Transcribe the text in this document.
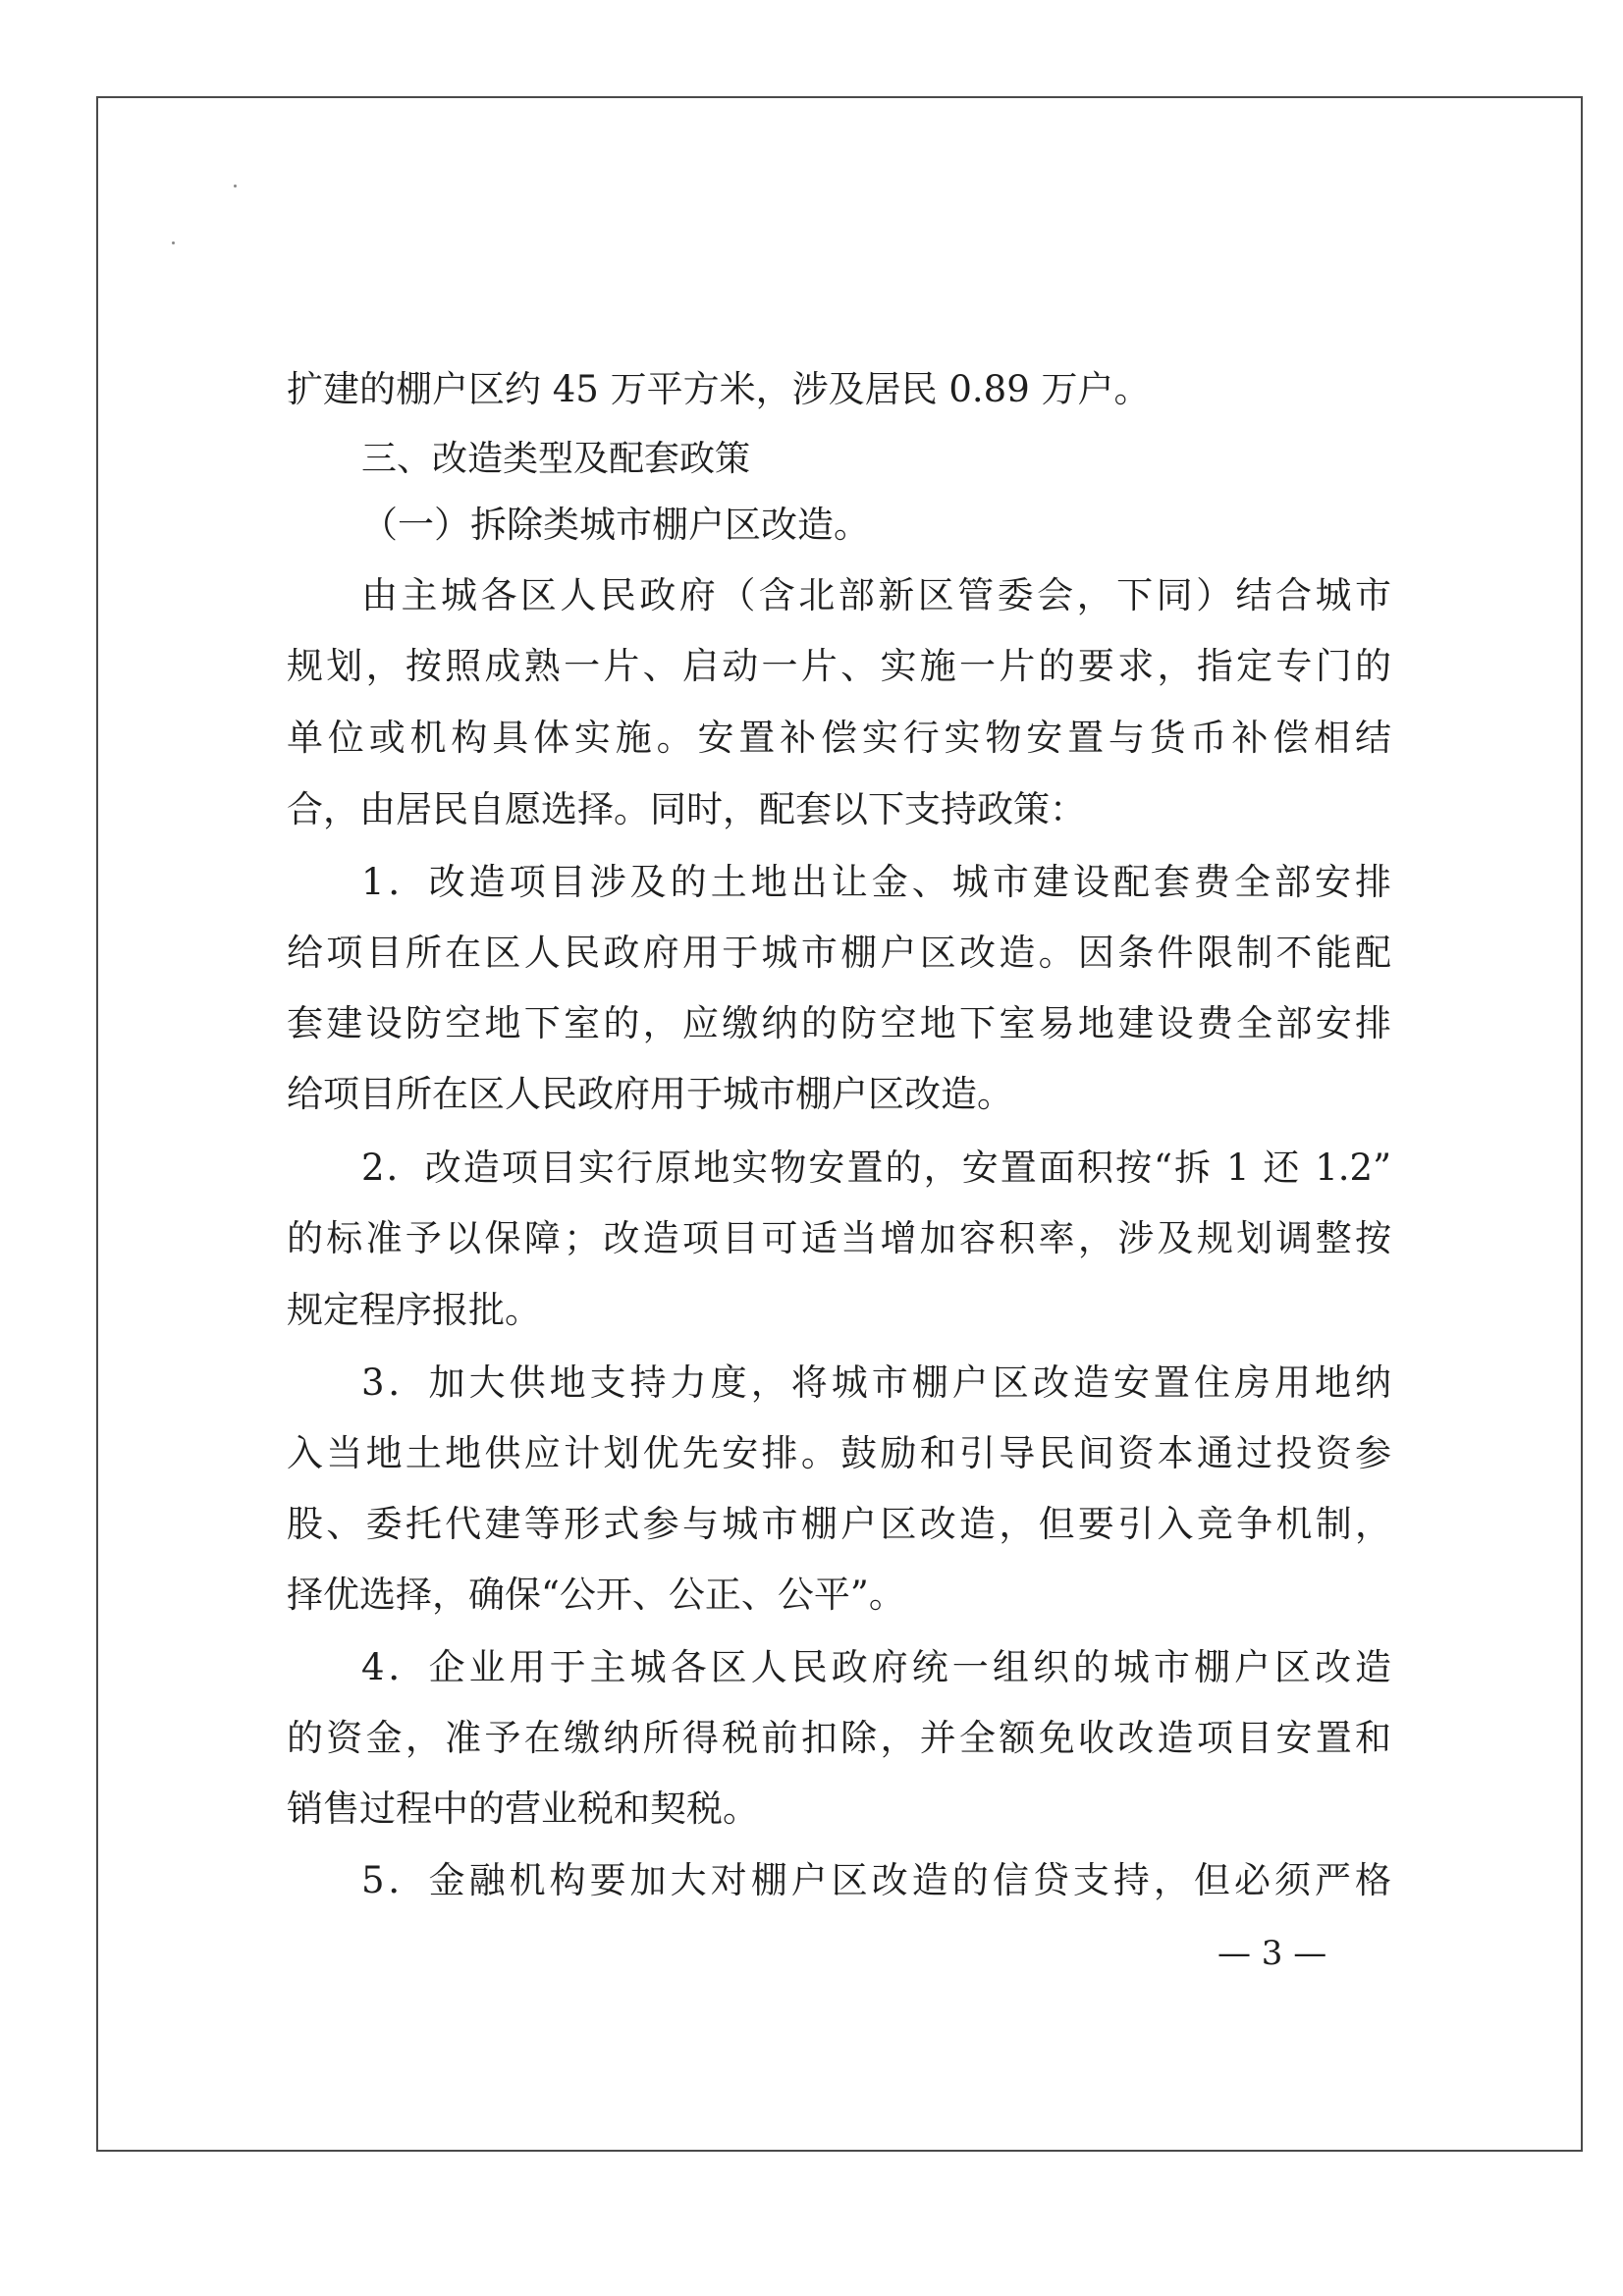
扩建的棚户区约 45 万平方米，涉及居民 0.89 万户。
三、改造类型及配套政策
（一）拆除类城市棚户区改造。
由主城各区人民政府（含北部新区管委会，下同）结合城市
规划，按照成熟一片、启动一片、实施一片的要求，指定专门的
单位或机构具体实施。安置补偿实行实物安置与货币补偿相结
合，由居民自愿选择。同时，配套以下支持政策：
1．改造项目涉及的土地出让金、城市建设配套费全部安排
给项目所在区人民政府用于城市棚户区改造。因条件限制不能配
套建设防空地下室的，应缴纳的防空地下室易地建设费全部安排
给项目所在区人民政府用于城市棚户区改造。
2．改造项目实行原地实物安置的，安置面积按“拆 1 还 1.2”
的标准予以保障；改造项目可适当增加容积率，涉及规划调整按
规定程序报批。
3．加大供地支持力度，将城市棚户区改造安置住房用地纳
入当地土地供应计划优先安排。鼓励和引导民间资本通过投资参
股、委托代建等形式参与城市棚户区改造，但要引入竞争机制，
择优选择，确保“公开、公正、公平”。
4．企业用于主城各区人民政府统一组织的城市棚户区改造
的资金，准予在缴纳所得税前扣除，并全额免收改造项目安置和
销售过程中的营业税和契税。
5．金融机构要加大对棚户区改造的信贷支持，但必须严格
— 3 —
